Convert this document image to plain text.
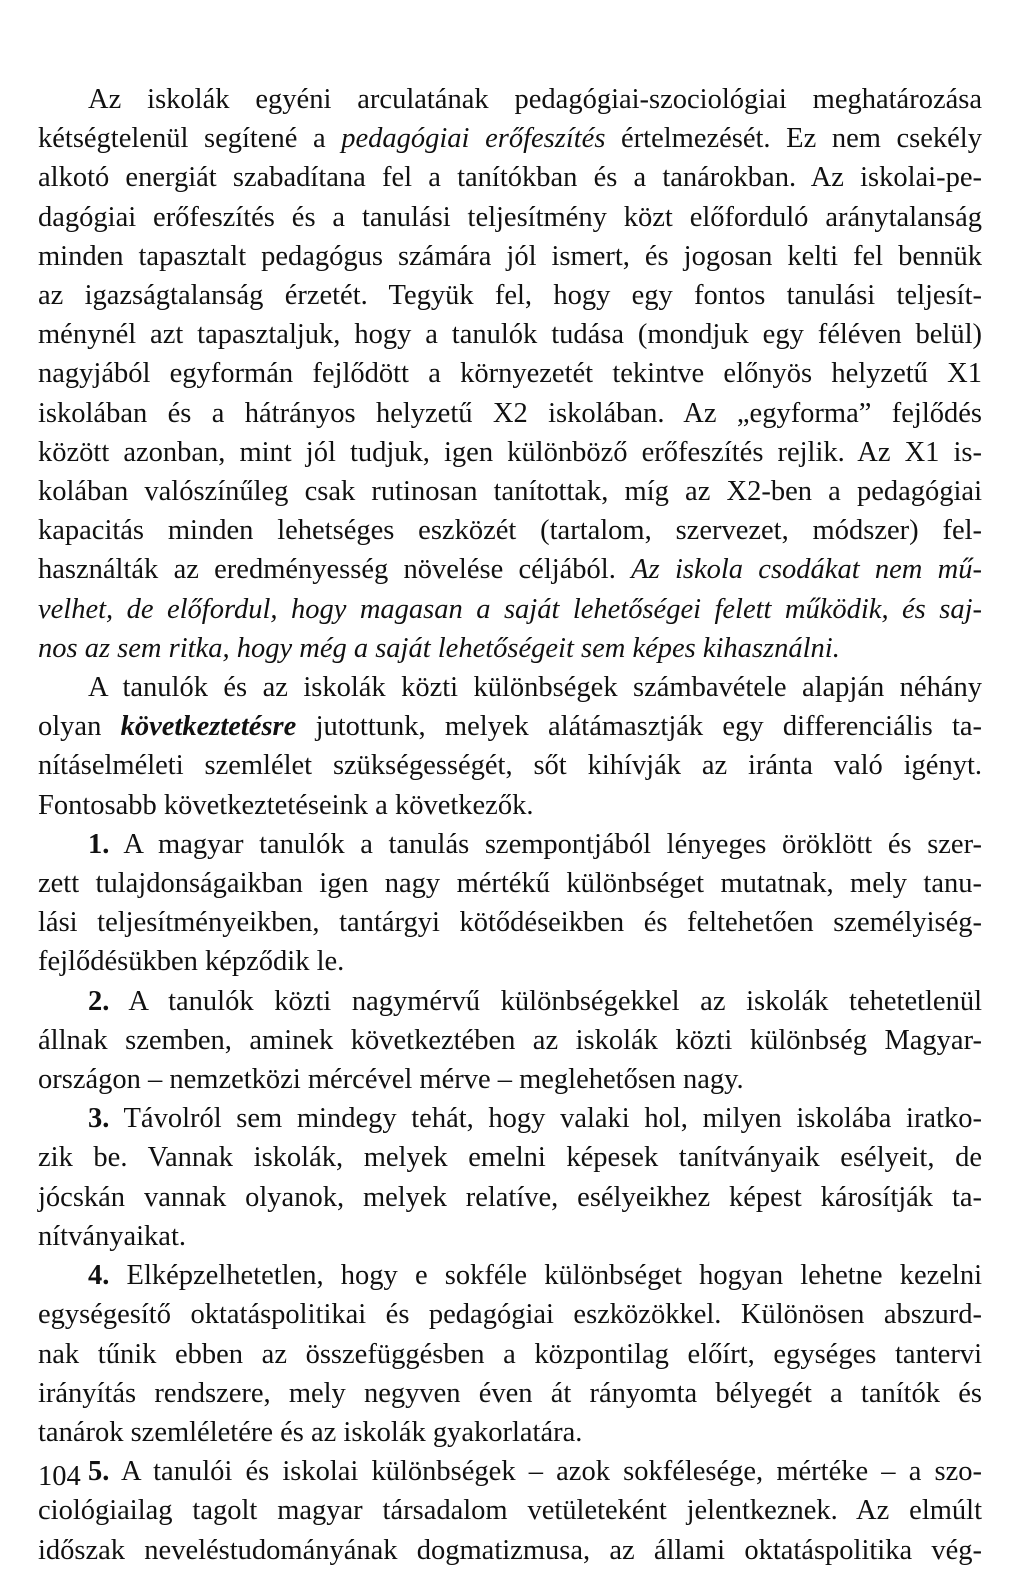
Az iskolák egyéni arculatának pedagógiai-szociológiai meghatározása
kétségtelenül segítené a pedagógiai erőfeszítés értelmezését. Ez nem csekély
alkotó energiát szabadítana fel a tanítókban és a tanárokban. Az iskolai-pe-
dagógiai erőfeszítés és a tanulási teljesítmény közt előforduló aránytalanság
minden tapasztalt pedagógus számára jól ismert, és jogosan kelti fel bennük
az igazságtalanság érzetét. Tegyük fel, hogy egy fontos tanulási teljesít-
ménynél azt tapasztaljuk, hogy a tanulók tudása (mondjuk egy féléven belül)
nagyjából egyformán fejlődött a környezetét tekintve előnyös helyzetű X1
iskolában és a hátrányos helyzetű X2 iskolában. Az „egyforma” fejlődés
között azonban, mint jól tudjuk, igen különböző erőfeszítés rejlik. Az X1 is-
kolában valószínűleg csak rutinosan tanítottak, míg az X2-ben a pedagógiai
kapacitás minden lehetséges eszközét (tartalom, szervezet, módszer) fel-
használták az eredményesség növelése céljából. Az iskola csodákat nem mű-
velhet, de előfordul, hogy magasan a saját lehetőségei felett működik, és saj-
nos az sem ritka, hogy még a saját lehetőségeit sem képes kihasználni.
A tanulók és az iskolák közti különbségek számbavétele alapján néhány
olyan következtetésre jutottunk, melyek alátámasztják egy differenciális ta-
nításelméleti szemlélet szükségességét, sőt kihívják az iránta való igényt.
Fontosabb következtetéseink a következők.
1. A magyar tanulók a tanulás szempontjából lényeges öröklött és szer-
zett tulajdonságaikban igen nagy mértékű különbséget mutatnak, mely tanu-
lási teljesítményeikben, tantárgyi kötődéseikben és feltehetően személyiség-
fejlődésükben képződik le.
2. A tanulók közti nagymérvű különbségekkel az iskolák tehetetlenül
állnak szemben, aminek következtében az iskolák közti különbség Magyar-
országon – nemzetközi mércével mérve – meglehetősen nagy.
3. Távolról sem mindegy tehát, hogy valaki hol, milyen iskolába iratko-
zik be. Vannak iskolák, melyek emelni képesek tanítványaik esélyeit, de
jócskán vannak olyanok, melyek relatíve, esélyeikhez képest károsítják ta-
nítványaikat.
4. Elképzelhetetlen, hogy e sokféle különbséget hogyan lehetne kezelni
egységesítő oktatáspolitikai és pedagógiai eszközökkel. Különösen abszurd-
nak tűnik ebben az összefüggésben a központilag előírt, egységes tantervi
irányítás rendszere, mely negyven éven át rányomta bélyegét a tanítók és
tanárok szemléletére és az iskolák gyakorlatára.
5. A tanulói és iskolai különbségek – azok sokfélesége, mértéke – a szo-
ciológiailag tagolt magyar társadalom vetületeként jelentkeznek. Az elmúlt
időszak neveléstudományának dogmatizmusa, az állami oktatáspolitika vég-
104
